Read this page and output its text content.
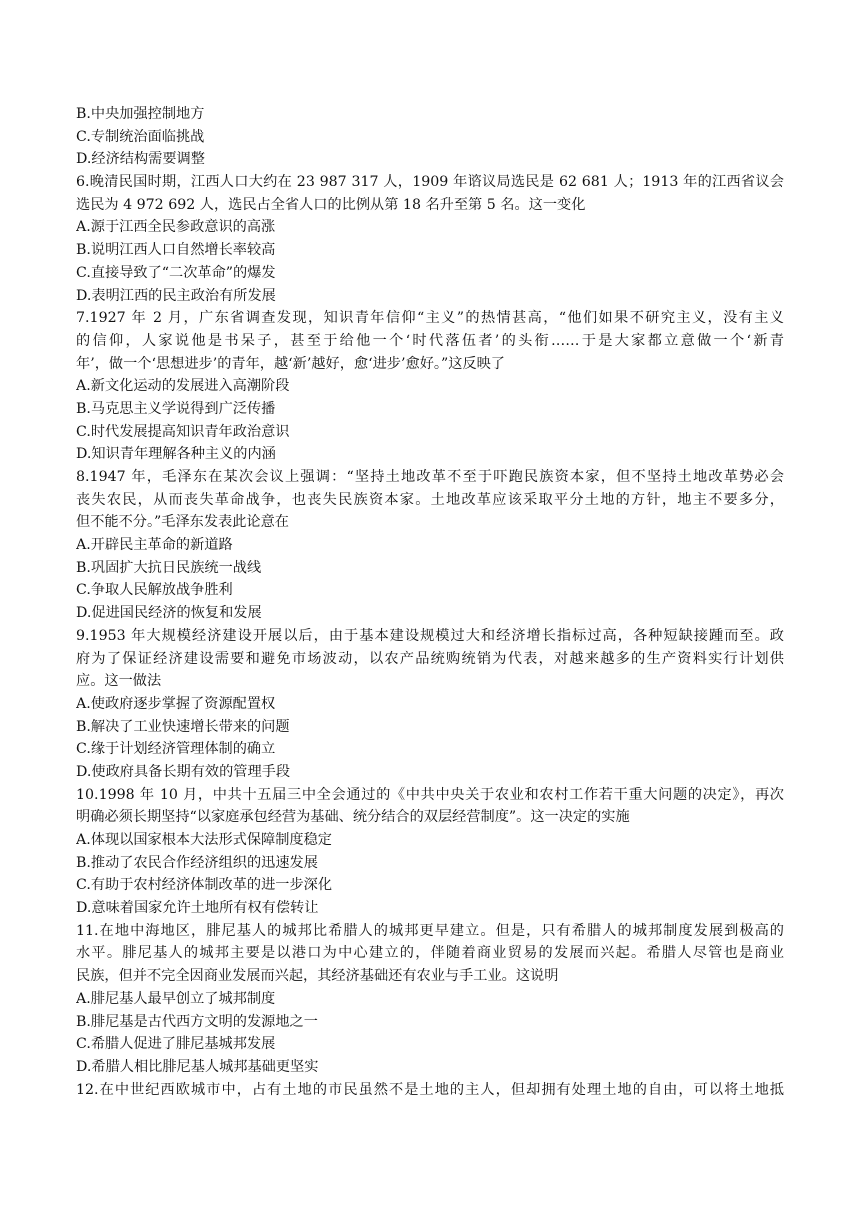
B.中央加强控制地方
C.专制统治面临挑战
D.经济结构需要调整
6.晚清民国时期，江西人口大约在 23 987 317 人，1909 年谘议局选民是 62 681 人；1913 年的江西省议会
选民为 4 972 692 人，选民占全省人口的比例从第 18 名升至第 5 名。这一变化
A.源于江西全民参政意识的高涨
B.说明江西人口自然增长率较高
C.直接导致了“二次革命”的爆发
D.表明江西的民主政治有所发展
7.1927 年 2 月，广东省调查发现，知识青年信仰“主义”的热情甚高，“他们如果不研究主义，没有主义
的信仰，人家说他是书呆子，甚至于给他一个‘时代落伍者’的头衔……于是大家都立意做一个‘新青
年’，做一个‘思想进步’的青年，越‘新’越好，愈‘进步’愈好。”这反映了
A.新文化运动的发展进入高潮阶段
B.马克思主义学说得到广泛传播
C.时代发展提高知识青年政治意识
D.知识青年理解各种主义的内涵
8.1947 年，毛泽东在某次会议上强调：“坚持土地改革不至于吓跑民族资本家，但不坚持土地改革势必会
丧失农民，从而丧失革命战争，也丧失民族资本家。土地改革应该采取平分土地的方针，地主不要多分，
但不能不分。”毛泽东发表此论意在
A.开辟民主革命的新道路
B.巩固扩大抗日民族统一战线
C.争取人民解放战争胜利
D.促进国民经济的恢复和发展
9.1953 年大规模经济建设开展以后，由于基本建设规模过大和经济增长指标过高，各种短缺接踵而至。政
府为了保证经济建设需要和避免市场波动，以农产品统购统销为代表，对越来越多的生产资料实行计划供
应。这一做法
A.使政府逐步掌握了资源配置权
B.解决了工业快速增长带来的问题
C.缘于计划经济管理体制的确立
D.使政府具备长期有效的管理手段
10.1998 年 10 月，中共十五届三中全会通过的《中共中央关于农业和农村工作若干重大问题的决定》，再次
明确必须长期坚持“以家庭承包经营为基础、统分结合的双层经营制度”。这一决定的实施
A.体现以国家根本大法形式保障制度稳定
B.推动了农民合作经济组织的迅速发展
C.有助于农村经济体制改革的进一步深化
D.意味着国家允许土地所有权有偿转让
11.在地中海地区，腓尼基人的城邦比希腊人的城邦更早建立。但是，只有希腊人的城邦制度发展到极高的
水平。腓尼基人的城邦主要是以港口为中心建立的，伴随着商业贸易的发展而兴起。希腊人尽管也是商业
民族，但并不完全因商业发展而兴起，其经济基础还有农业与手工业。这说明
A.腓尼基人最早创立了城邦制度
B.腓尼基是古代西方文明的发源地之一
C.希腊人促进了腓尼基城邦发展
D.希腊人相比腓尼基人城邦基础更坚实
12.在中世纪西欧城市中，占有土地的市民虽然不是土地的主人，但却拥有处理土地的自由，可以将土地抵
